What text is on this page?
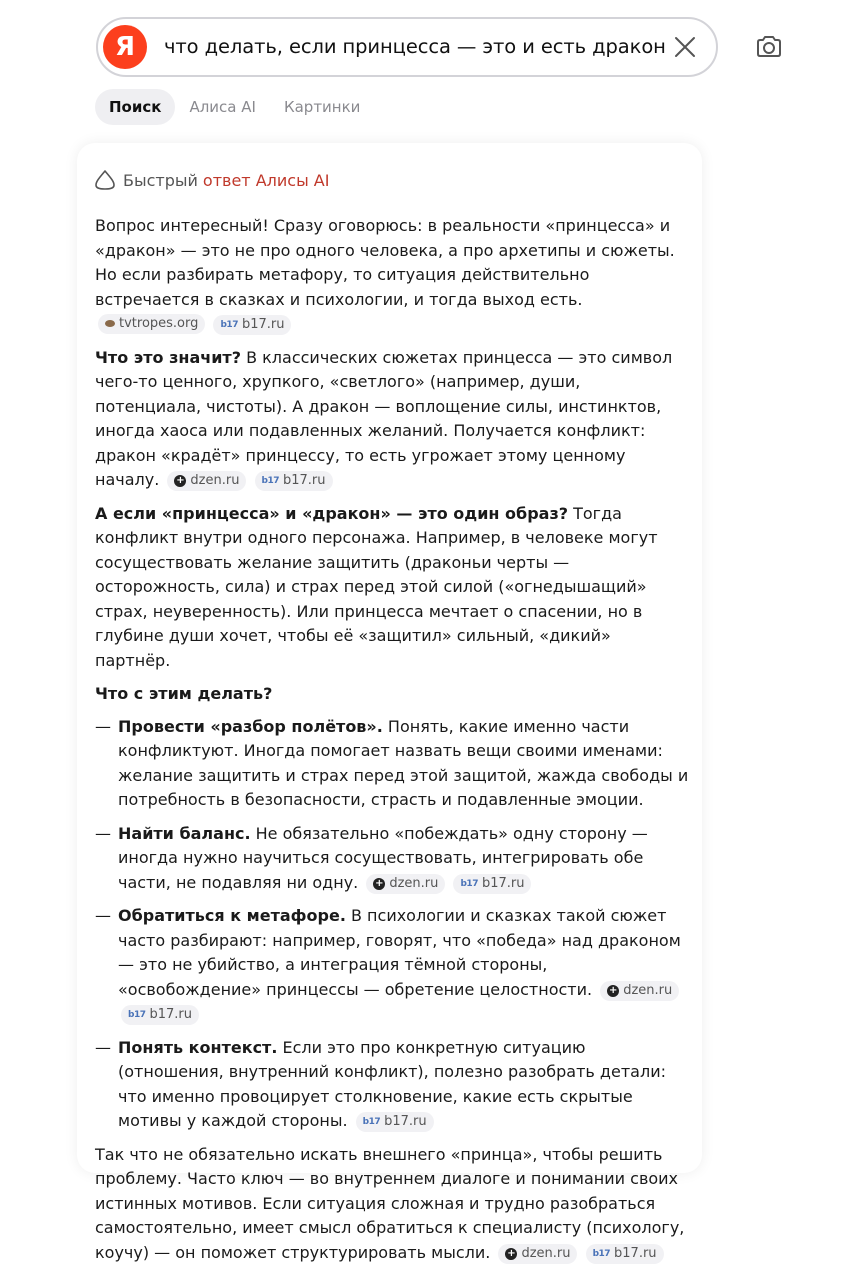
Я	что делать, если принцесса — это и есть дракон
Поиск	Алиса AI	Картинки
Быстрый ответ Алисы AI

Вопрос интересный! Сразу оговорюсь: в реальности «принцесса» и «дракон» — это не про одного человека, а про архетипы и сюжеты. Но если разбирать метафору, то ситуация действительно встречается в сказках и психологии, и тогда выход есть.
tvtropes.org
b17 b17.ru

Что это значит? В классических сюжетах принцесса — это символ чего-то ценного, хрупкого, «светлого» (например, души, потенциала, чистоты). А дракон — воплощение силы, инстинктов, иногда хаоса или подавленных желаний. Получается конфликт: дракон «крадёт» принцессу, то есть угрожает этому ценному началу. + dzen.ru
b17 b17.ru

А если «принцесса» и «дракон» — это один образ? Тогда конфликт внутри одного персонажа. Например, в человеке могут сосуществовать желание защитить (драконьи черты — осторожность, сила) и страх перед этой силой («огнедышащий» страх, неуверенность). Или принцесса мечтает о спасении, но в глубине души хочет, чтобы её «защитил» сильный, «дикий» партнёр.

Что с этим делать?
— Провести «разбор полётов». Понять, какие именно части конфликтуют. Иногда помогает назвать вещи своими именами: желание защитить и страх перед этой защитой, жажда свободы и потребность в безопасности, страсть и подавленные эмоции.
— Найти баланс. Не обязательно «побеждать» одну сторону — иногда нужно научиться сосуществовать, интегрировать обе части, не подавляя ни одну. + dzen.ru
b17 b17.ru
— Обратиться к метафоре. В психологии и сказках такой сюжет часто разбирают: например, говорят, что «победа» над драконом — это не убийство, а интеграция тёмной стороны, «освобождение» принцессы — обретение целостности. + dzen.ru

b17 b17.ru
— Понять контекст. Если это про конкретную ситуацию (отношения, внутренний конфликт), полезно разобрать детали: что именно провоцирует столкновение, какие есть скрытые мотивы у каждой стороны. b17 b17.ru

Так что не обязательно искать внешнего «принца», чтобы решить проблему. Часто ключ — во внутреннем диалоге и понимании своих истинных мотивов. Если ситуация сложная и трудно разобраться самостоятельно, имеет смысл обратиться к специалисту (психологу, коучу) — он поможет структурировать мысли. + dzen.ru
b17 b17.ru
